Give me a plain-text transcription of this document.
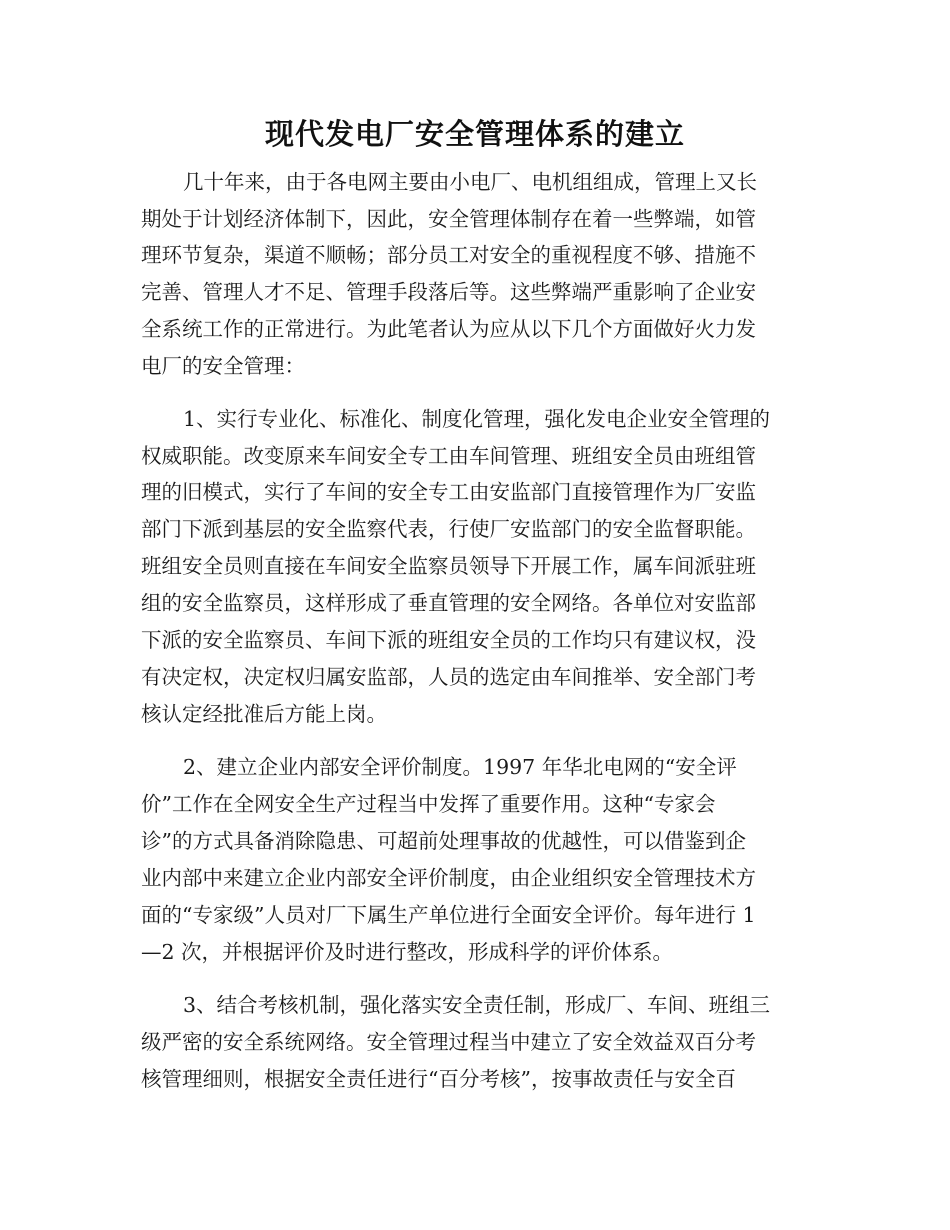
现代发电厂安全管理体系的建立
几十年来，由于各电网主要由小电厂、电机组组成，管理上又长
期处于计划经济体制下，因此，安全管理体制存在着一些弊端，如管
理环节复杂，渠道不顺畅；部分员工对安全的重视程度不够、措施不
完善、管理人才不足、管理手段落后等。这些弊端严重影响了企业安
全系统工作的正常进行。为此笔者认为应从以下几个方面做好火力发
电厂的安全管理：
1、实行专业化、标准化、制度化管理，强化发电企业安全管理的
权威职能。改变原来车间安全专工由车间管理、班组安全员由班组管
理的旧模式，实行了车间的安全专工由安监部门直接管理作为厂安监
部门下派到基层的安全监察代表，行使厂安监部门的安全监督职能。
班组安全员则直接在车间安全监察员领导下开展工作，属车间派驻班
组的安全监察员，这样形成了垂直管理的安全网络。各单位对安监部
下派的安全监察员、车间下派的班组安全员的工作均只有建议权，没
有决定权，决定权归属安监部，人员的选定由车间推举、安全部门考
核认定经批准后方能上岗。
2、建立企业内部安全评价制度。1997 年华北电网的“安全评
价”工作在全网安全生产过程当中发挥了重要作用。这种“专家会
诊”的方式具备消除隐患、可超前处理事故的优越性，可以借鉴到企
业内部中来建立企业内部安全评价制度，由企业组织安全管理技术方
面的“专家级”人员对厂下属生产单位进行全面安全评价。每年进行 1
—2 次，并根据评价及时进行整改，形成科学的评价体系。
3、结合考核机制，强化落实安全责任制，形成厂、车间、班组三
级严密的安全系统网络。安全管理过程当中建立了安全效益双百分考
核管理细则，根据安全责任进行“百分考核”，按事故责任与安全百
